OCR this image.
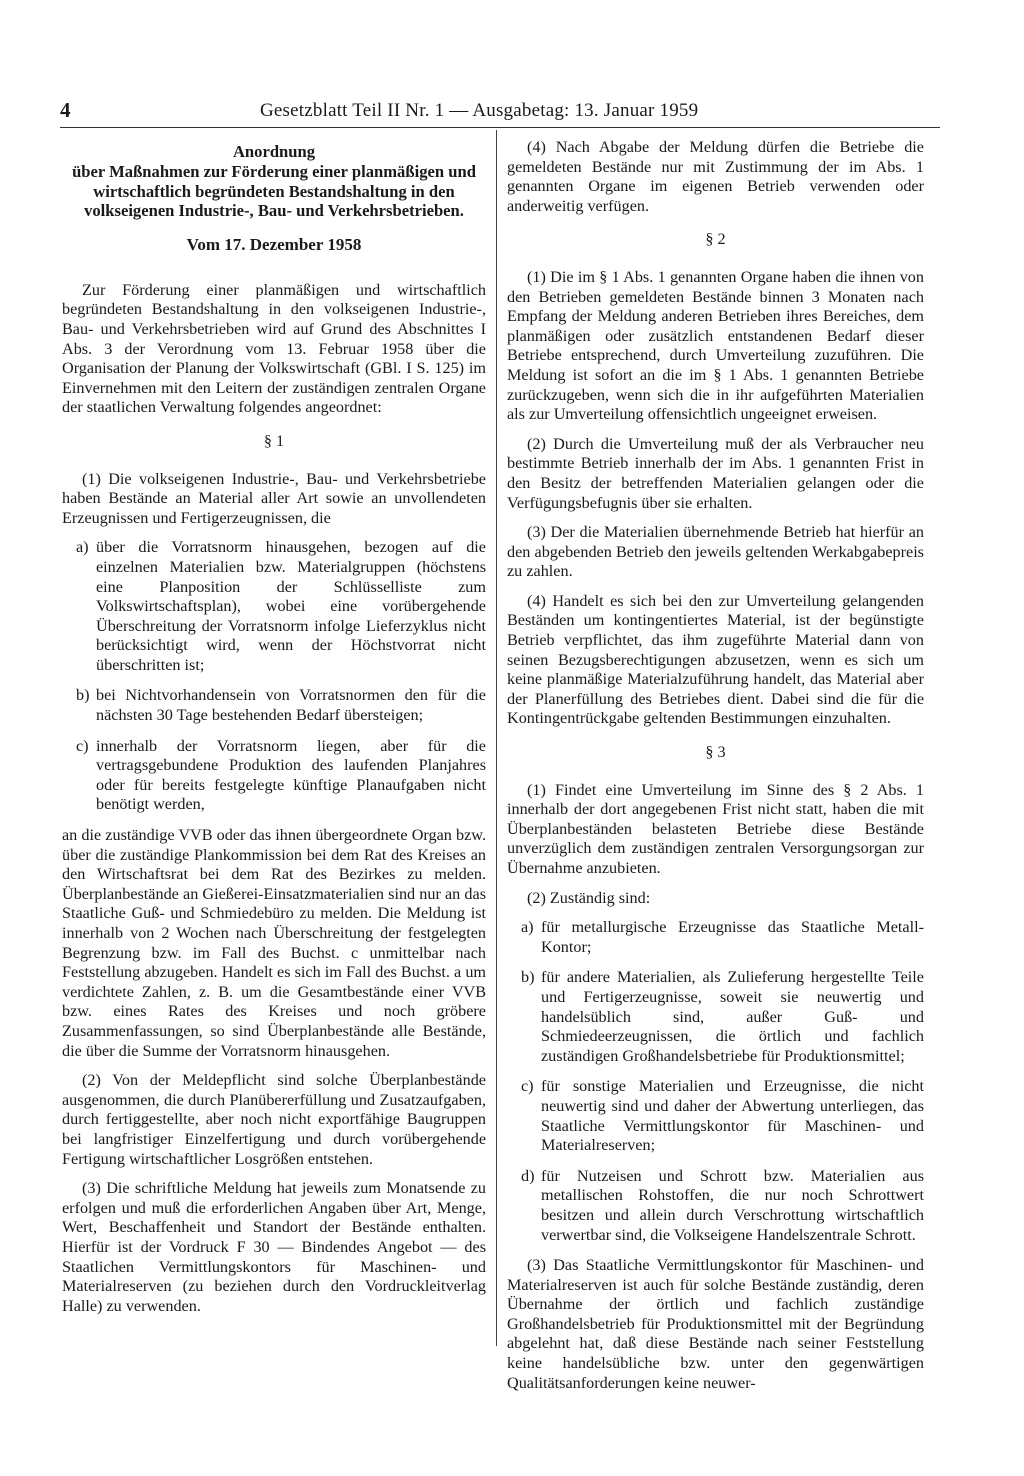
4	Gesetzblatt Teil II Nr. 1 — Ausgabetag: 13. Januar 1959
Anordnung
über Maßnahmen zur Förderung einer planmäßigen und wirtschaftlich begründeten Bestandshaltung in den volkseigenen Industrie-, Bau- und Verkehrsbetrieben.
Vom 17. Dezember 1958

Zur Förderung einer planmäßigen und wirtschaftlich begründeten Bestandshaltung in den volkseigenen Industrie-, Bau- und Verkehrsbetrieben wird auf Grund des Abschnittes I Abs. 3 der Verordnung vom 13. Februar 1958 über die Organisation der Planung der Volkswirtschaft (GBl. I S. 125) im Einvernehmen mit den Leitern der zuständigen zentralen Organe der staatlichen Verwaltung folgendes angeordnet:

§ 1

(1) Die volkseigenen Industrie-, Bau- und Verkehrsbetriebe haben Bestände an Material aller Art sowie an unvollendeten Erzeugnissen und Fertigerzeugnissen, die

a) über die Vorratsnorm hinausgehen, bezogen auf die einzelnen Materialien bzw. Materialgruppen (höchstens eine Planposition der Schlüsselliste zum Volkswirtschaftsplan), wobei eine vorübergehende Überschreitung der Vorratsnorm infolge Lieferzyklus nicht berücksichtigt wird, wenn der Höchstvorrat nicht überschritten ist;
b) bei Nichtvorhandensein von Vorratsnormen den für die nächsten 30 Tage bestehenden Bedarf übersteigen;
c) innerhalb der Vorratsnorm liegen, aber für die vertragsgebundene Produktion des laufenden Planjahres oder für bereits festgelegte künftige Planaufgaben nicht benötigt werden,

an die zuständige VVB oder das ihnen übergeordnete Organ bzw. über die zuständige Plankommission bei dem Rat des Kreises an den Wirtschaftsrat bei dem Rat des Bezirkes zu melden. Überplanbestände an Gießerei-Einsatzmaterialien sind nur an das Staatliche Guß- und Schmiedebüro zu melden. Die Meldung ist innerhalb von 2 Wochen nach Überschreitung der festgelegten Begrenzung bzw. im Fall des Buchst. c unmittelbar nach Feststellung abzugeben. Handelt es sich im Fall des Buchst. a um verdichtete Zahlen, z. B. um die Gesamtbestände einer VVB bzw. eines Rates des Kreises und noch gröbere Zusammenfassungen, so sind Überplanbestände alle Bestände, die über die Summe der Vorratsnorm hinausgehen.

(2) Von der Meldepflicht sind solche Überplanbestände ausgenommen, die durch Planübererfüllung und Zusatzaufgaben, durch fertiggestellte, aber noch nicht exportfähige Baugruppen bei langfristiger Einzelfertigung und durch vorübergehende Fertigung wirtschaftlicher Losgrößen entstehen.

(3) Die schriftliche Meldung hat jeweils zum Monatsende zu erfolgen und muß die erforderlichen Angaben über Art, Menge, Wert, Beschaffenheit und Standort der Bestände enthalten. Hierfür ist der Vordruck F 30 — Bindendes Angebot — des Staatlichen Vermittlungskontors für Maschinen- und Materialreserven (zu beziehen durch den Vordruckleitverlag Halle) zu verwenden.

(4) Nach Abgabe der Meldung dürfen die Betriebe die gemeldeten Bestände nur mit Zustimmung der im Abs. 1 genannten Organe im eigenen Betrieb verwenden oder anderweitig verfügen.

§ 2

(1) Die im § 1 Abs. 1 genannten Organe haben die ihnen von den Betrieben gemeldeten Bestände binnen 3 Monaten nach Empfang der Meldung anderen Betrieben ihres Bereiches, dem planmäßigen oder zusätzlich entstandenen Bedarf dieser Betriebe entsprechend, durch Umverteilung zuzuführen. Die Meldung ist sofort an die im § 1 Abs. 1 genannten Betriebe zurückzugeben, wenn sich die in ihr aufgeführten Materialien als zur Umverteilung offensichtlich ungeeignet erweisen.

(2) Durch die Umverteilung muß der als Verbraucher neu bestimmte Betrieb innerhalb der im Abs. 1 genannten Frist in den Besitz der betreffenden Materialien gelangen oder die Verfügungsbefugnis über sie erhalten.

(3) Der die Materialien übernehmende Betrieb hat hierfür an den abgebenden Betrieb den jeweils geltenden Werkabgabepreis zu zahlen.

(4) Handelt es sich bei den zur Umverteilung gelangenden Beständen um kontingentiertes Material, ist der begünstigte Betrieb verpflichtet, das ihm zugeführte Material dann von seinen Bezugsberechtigungen abzusetzen, wenn es sich um keine planmäßige Materialzuführung handelt, das Material aber der Planerfüllung des Betriebes dient. Dabei sind die für die Kontingentrückgabe geltenden Bestimmungen einzuhalten.

§ 3

(1) Findet eine Umverteilung im Sinne des § 2 Abs. 1 innerhalb der dort angegebenen Frist nicht statt, haben die mit Überplanbeständen belasteten Betriebe diese Bestände unverzüglich dem zuständigen zentralen Versorgungsorgan zur Übernahme anzubieten.

(2) Zuständig sind:

a) für metallurgische Erzeugnisse das Staatliche Metall-Kontor;
b) für andere Materialien, als Zulieferung hergestellte Teile und Fertigerzeugnisse, soweit sie neuwertig und handelsüblich sind, außer Guß- und Schmiedeerzeugnissen, die örtlich und fachlich zuständigen Großhandelsbetriebe für Produktionsmittel;
c) für sonstige Materialien und Erzeugnisse, die nicht neuwertig sind und daher der Abwertung unterliegen, das Staatliche Vermittlungskontor für Maschinen- und Materialreserven;
d) für Nutzeisen und Schrott bzw. Materialien aus metallischen Rohstoffen, die nur noch Schrottwert besitzen und allein durch Verschrottung wirtschaftlich verwertbar sind, die Volkseigene Handelszentrale Schrott.

(3) Das Staatliche Vermittlungskontor für Maschinen- und Materialreserven ist auch für solche Bestände zuständig, deren Übernahme der örtlich und fachlich zuständige Großhandelsbetrieb für Produktionsmittel mit der Begründung abgelehnt hat, daß diese Bestände nach seiner Feststellung keine handelsübliche bzw. unter den gegenwärtigen Qualitätsanforderungen keine neuwer-
